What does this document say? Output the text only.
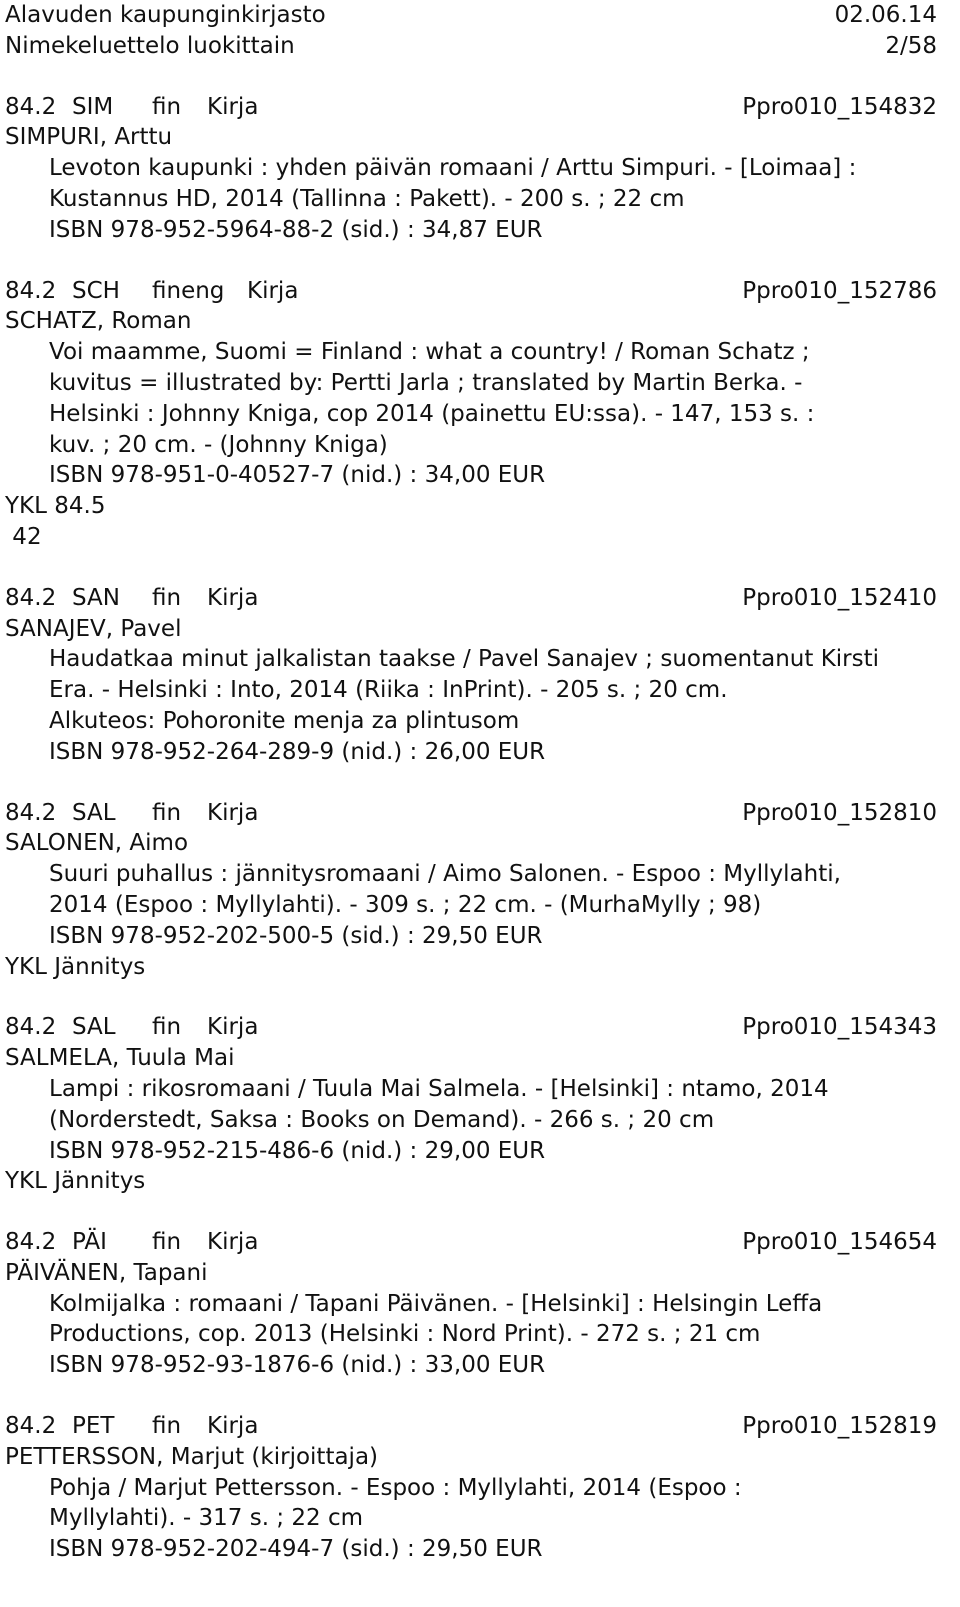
Alavuden kaupunginkirjasto	02.06.14
Nimekeluettelo luokittain	2/58
84.2 SIM fin Kirja	Ppro010_154832
SIMPURI, Arttu
Levoton kaupunki : yhden päivän romaani / Arttu Simpuri. - [Loimaa] :
Kustannus HD, 2014 (Tallinna : Pakett). - 200 s. ; 22 cm
ISBN 978-952-5964-88-2 (sid.) : 34,87 EUR
84.2 SCH fineng Kirja	Ppro010_152786
SCHATZ, Roman
Voi maamme, Suomi = Finland : what a country! / Roman Schatz ;
kuvitus = illustrated by: Pertti Jarla ; translated by Martin Berka. -
Helsinki : Johnny Kniga, cop 2014 (painettu EU:ssa). - 147, 153 s. :
kuv. ; 20 cm. - (Johnny Kniga)
ISBN 978-951-0-40527-7 (nid.) : 34,00 EUR
YKL 84.5
42
84.2 SAN fin Kirja	Ppro010_152410
SANAJEV, Pavel
Haudatkaa minut jalkalistan taakse / Pavel Sanajev ; suomentanut Kirsti
Era. - Helsinki : Into, 2014 (Riika : InPrint). - 205 s. ; 20 cm.
Alkuteos: Pohoronite menja za plintusom
ISBN 978-952-264-289-9 (nid.) : 26,00 EUR
84.2 SAL fin Kirja	Ppro010_152810
SALONEN, Aimo
Suuri puhallus : jännitysromaani / Aimo Salonen. - Espoo : Myllylahti,
2014 (Espoo : Myllylahti). - 309 s. ; 22 cm. - (MurhaMylly ; 98)
ISBN 978-952-202-500-5 (sid.) : 29,50 EUR
YKL Jännitys
84.2 SAL fin Kirja	Ppro010_154343
SALMELA, Tuula Mai
Lampi : rikosromaani / Tuula Mai Salmela. - [Helsinki] : ntamo, 2014
(Norderstedt, Saksa : Books on Demand). - 266 s. ; 20 cm
ISBN 978-952-215-486-6 (nid.) : 29,00 EUR
YKL Jännitys
84.2 PÄI fin Kirja	Ppro010_154654
PÄIVÄNEN, Tapani
Kolmijalka : romaani / Tapani Päivänen. - [Helsinki] : Helsingin Leffa
Productions, cop. 2013 (Helsinki : Nord Print). - 272 s. ; 21 cm
ISBN 978-952-93-1876-6 (nid.) : 33,00 EUR
84.2 PET fin Kirja	Ppro010_152819
PETTERSSON, Marjut (kirjoittaja)
Pohja / Marjut Pettersson. - Espoo : Myllylahti, 2014 (Espoo :
Myllylahti). - 317 s. ; 22 cm
ISBN 978-952-202-494-7 (sid.) : 29,50 EUR
